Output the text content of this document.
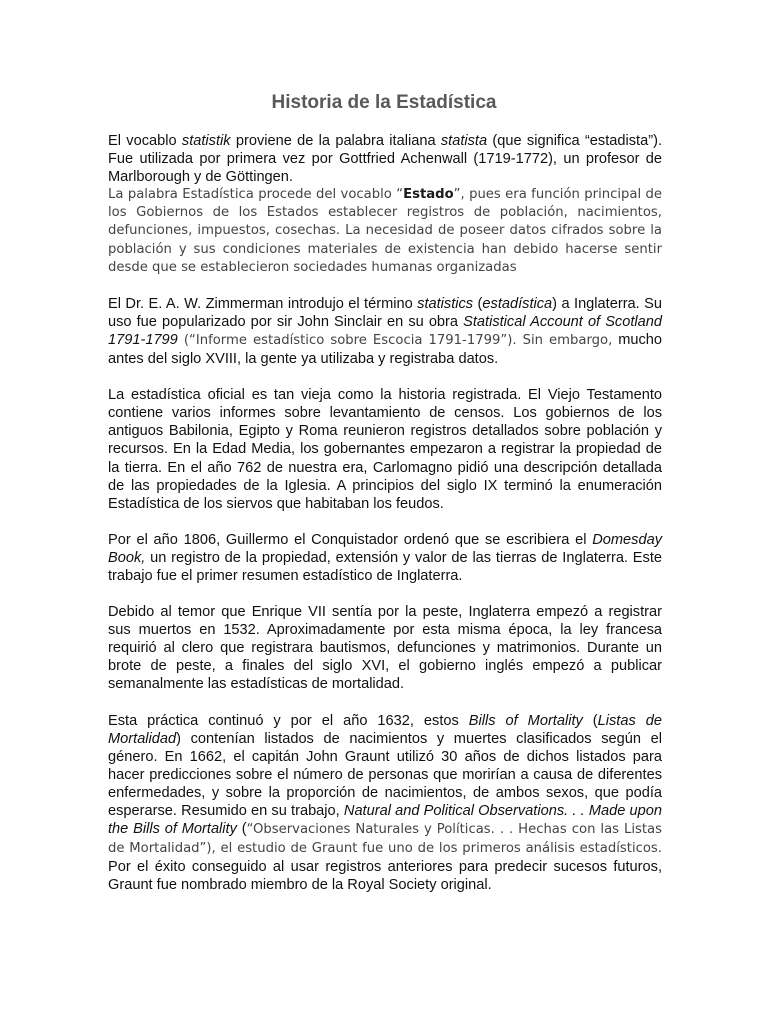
Historia de la Estadística

El vocablo statistik proviene de la palabra italiana statista (que significa “estadista”). Fue utilizada por primera vez por Gottfried Achenwall (1719-1772), un profesor de Marlborough y de Göttingen.

La palabra Estadística procede del vocablo “Estado”, pues era función principal de los Gobiernos de los Estados establecer registros de población, nacimientos, defunciones, impuestos, cosechas. La necesidad de poseer datos cifrados sobre la población y sus condiciones materiales de existencia han debido hacerse sentir desde que se establecieron sociedades humanas organizadas

El Dr. E. A. W. Zimmerman introdujo el término statistics (estadística) a Inglaterra. Su uso fue popularizado por sir John Sinclair en su obra Statistical Account of Scotland 1791-1799 (“Informe estadístico sobre Escocia 1791-1799”). Sin embargo, mucho antes del siglo XVIII, la gente ya utilizaba y registraba datos.

La estadística oficial es tan vieja como la historia registrada. El Viejo Testamento contiene varios informes sobre levantamiento de censos. Los gobiernos de los antiguos Babilonia, Egipto y Roma reunieron registros detallados sobre población y recursos. En la Edad Media, los gobernantes empezaron a registrar la propiedad de la tierra. En el año 762 de nuestra era, Carlomagno pidió una descripción detallada de las propiedades de la Iglesia. A principios del siglo IX terminó la enumeración Estadística de los siervos que habitaban los feudos.

Por el año 1806, Guillermo el Conquistador ordenó que se escribiera el Domesday Book, un registro de la propiedad, extensión y valor de las tierras de Inglaterra. Este trabajo fue el primer resumen estadístico de Inglaterra.

Debido al temor que Enrique VII sentía por la peste, Inglaterra empezó a registrar sus muertos en 1532. Aproximadamente por esta misma época, la ley francesa requirió al clero que registrara bautismos, defunciones y matrimonios. Durante un brote de peste, a finales del siglo XVI, el gobierno inglés empezó a publicar semanalmente las estadísticas de mortalidad.

Esta práctica continuó y por el año 1632, estos Bills of Mortality (Listas de Mortalidad) contenían listados de nacimientos y muertes clasificados según el género. En 1662, el capitán John Graunt utilizó 30 años de dichos listados para hacer predicciones sobre el número de personas que morirían a causa de diferentes enfermedades, y sobre la proporción de nacimientos, de ambos sexos, que podía esperarse. Resumido en su trabajo, Natural and Political Observations. . . Made upon the Bills of Mortality (“Observaciones Naturales y Políticas. . . Hechas con las Listas de Mortalidad”), el estudio de Graunt fue uno de los primeros análisis estadísticos. Por el éxito conseguido al usar registros anteriores para predecir sucesos futuros, Graunt fue nombrado miembro de la Royal Society original.
